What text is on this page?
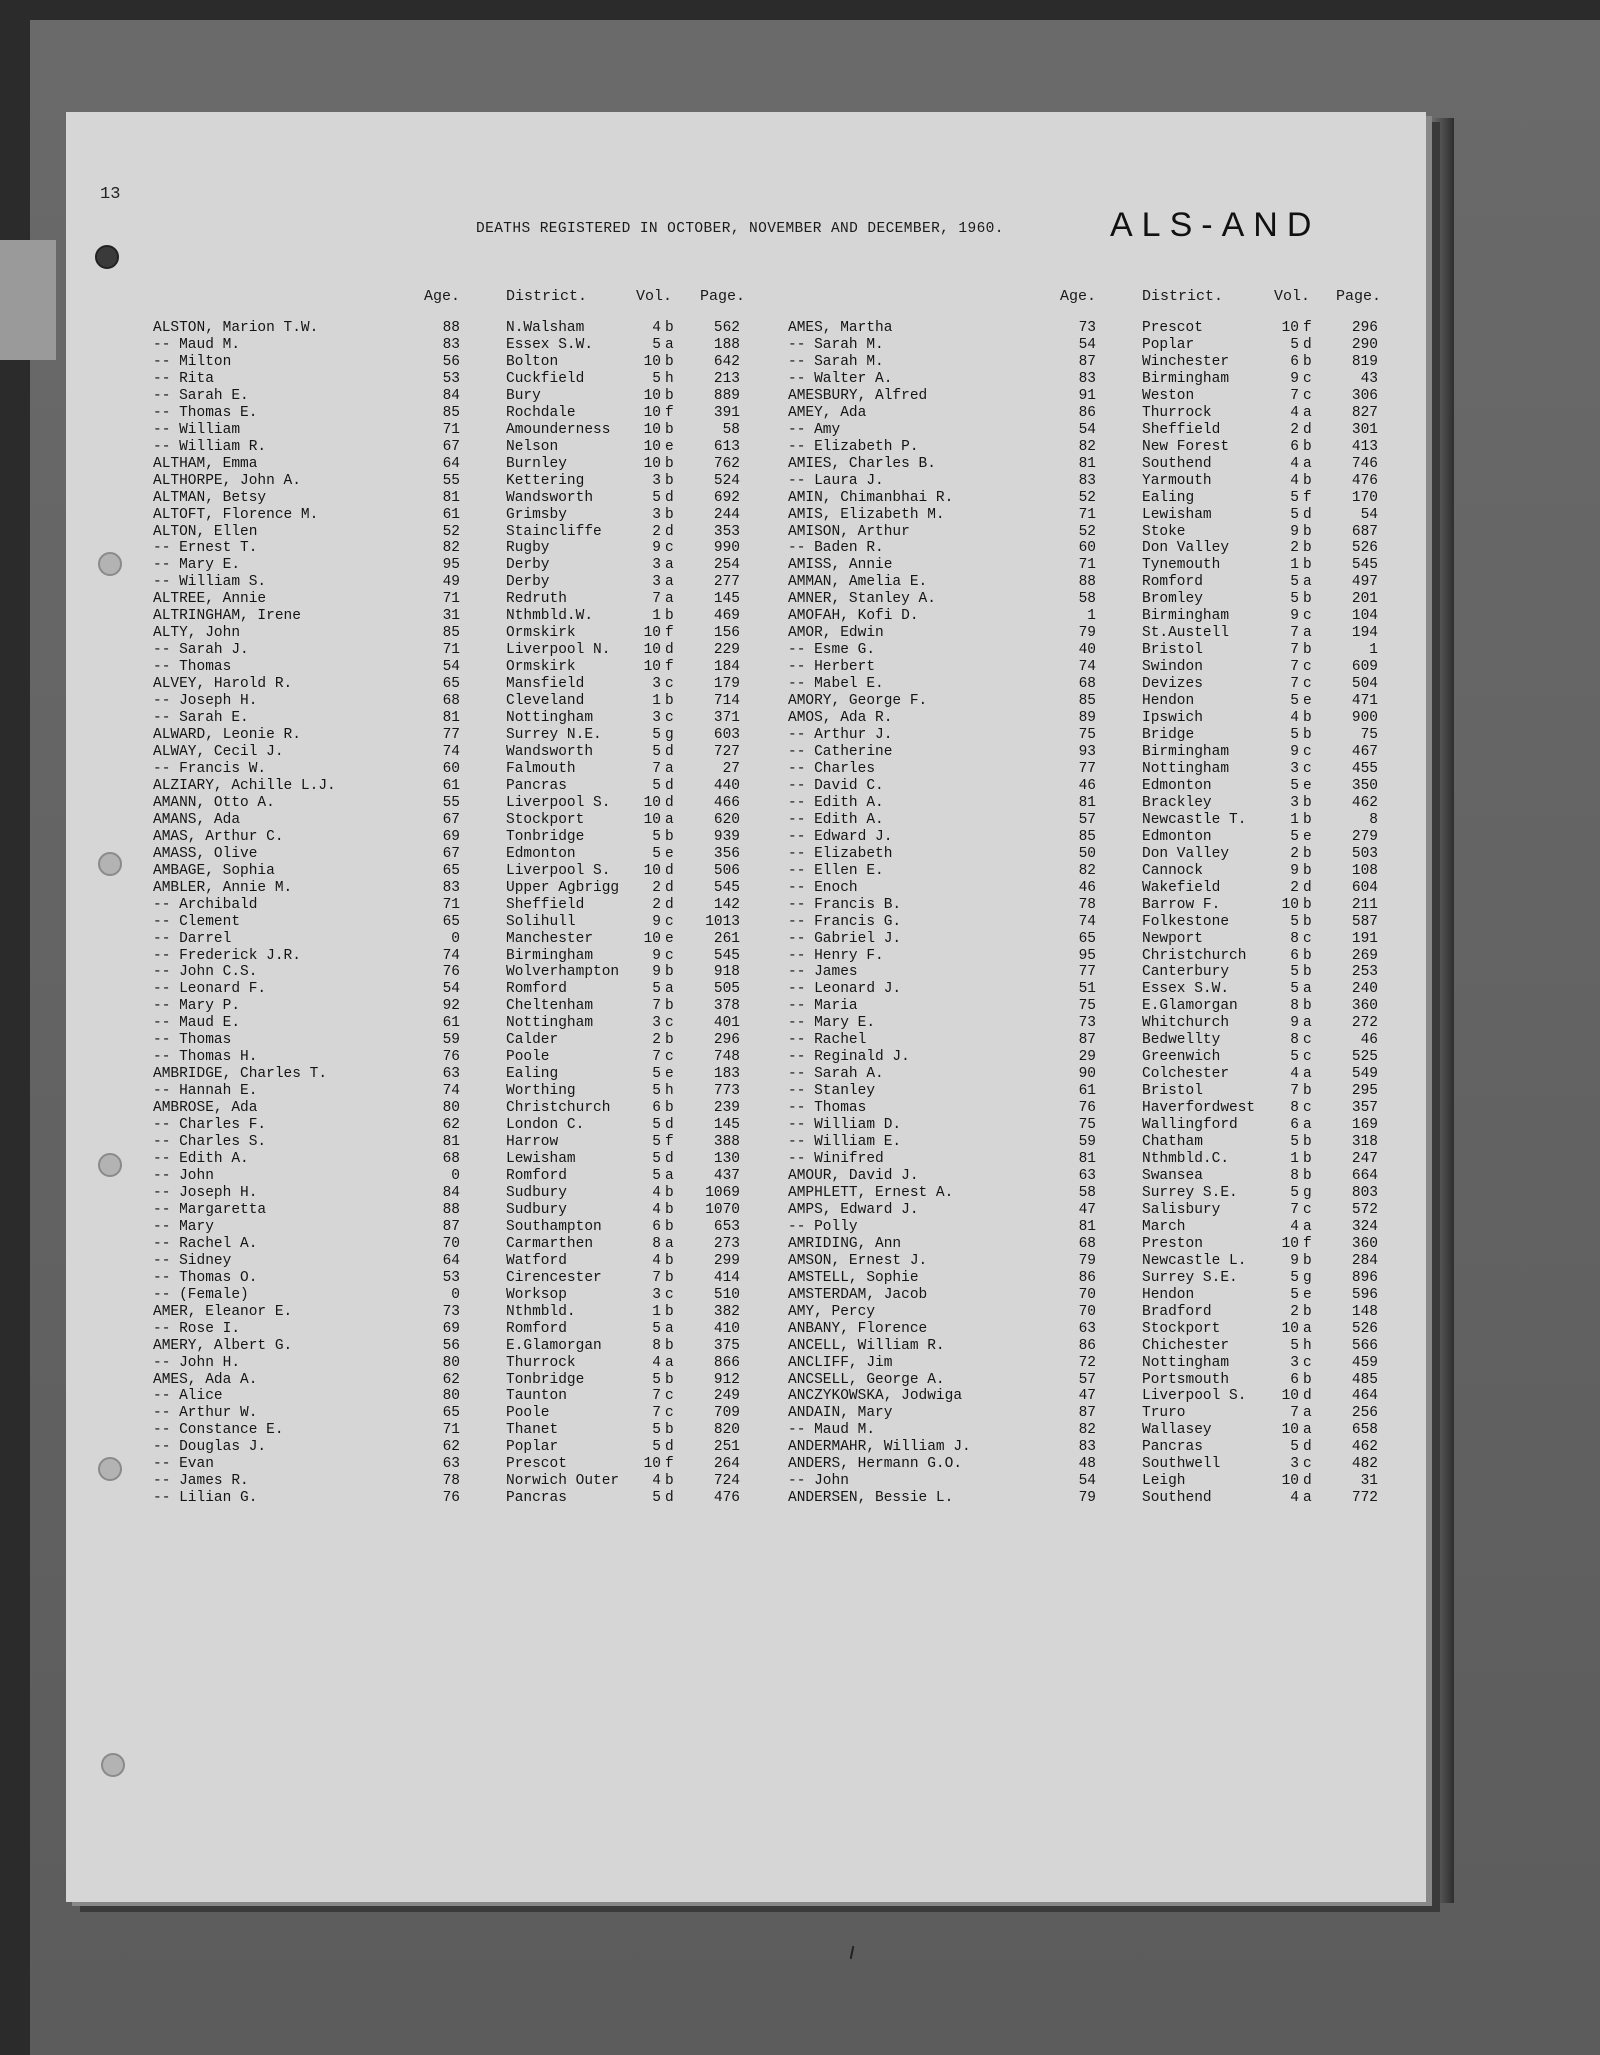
13
DEATHS REGISTERED IN OCTOBER, NOVEMBER AND DECEMBER, 1960.	ALS-AND
Age.	District.	Vol. Page.	Age.	District.	Vol. Page.
ALSTON, Marion T.W.	88	N.Walsham	4 b	562
-- Maud M.	83	Essex S.W.	5 a	188
-- Milton	56	Bolton	10 b	642
-- Rita	53	Cuckfield	5 h	213
-- Sarah E.	84	Bury	10 b	889
-- Thomas E.	85	Rochdale	10 f	391
-- William	71	Amounderness	10 b	58
-- William R.	67	Nelson	10 e	613
ALTHAM, Emma	64	Burnley	10 b	762
ALTHORPE, John A.	55	Kettering	3 b	524
ALTMAN, Betsy	81	Wandsworth	5 d	692
ALTOFT, Florence M.	61	Grimsby	3 b	244
ALTON, Ellen	52	Staincliffe	2 d	353
-- Ernest T.	82	Rugby	9 c	990
-- Mary E.	95	Derby	3 a	254
-- William S.	49	Derby	3 a	277
ALTREE, Annie	71	Redruth	7 a	145
ALTRINGHAM, Irene	31	Nthmbld.W.	1 b	469
ALTY, John	85	Ormskirk	10 f	156
-- Sarah J.	71	Liverpool N.	10 d	229
-- Thomas	54	Ormskirk	10 f	184
ALVEY, Harold R.	65	Mansfield	3 c	179
-- Joseph H.	68	Cleveland	1 b	714
-- Sarah E.	81	Nottingham	3 c	371
ALWARD, Leonie R.	77	Surrey N.E.	5 g	603
ALWAY, Cecil J.	74	Wandsworth	5 d	727
-- Francis W.	60	Falmouth	7 a	27
ALZIARY, Achille L.J.	61	Pancras	5 d	440
AMANN, Otto A.	55	Liverpool S.	10 d	466
AMANS, Ada	67	Stockport	10 a	620
AMAS, Arthur C.	69	Tonbridge	5 b	939
AMASS, Olive	67	Edmonton	5 e	356
AMBAGE, Sophia	65	Liverpool S.	10 d	506
AMBLER, Annie M.	83	Upper Agbrigg	2 d	545
-- Archibald	71	Sheffield	2 d	142
-- Clement	65	Solihull	9 c	1013
-- Darrel	0	Manchester	10 e	261
-- Frederick J.R.	74	Birmingham	9 c	545
-- John C.S.	76	Wolverhampton	9 b	918
-- Leonard F.	54	Romford	5 a	505
-- Mary P.	92	Cheltenham	7 b	378
-- Maud E.	61	Nottingham	3 c	401
-- Thomas	59	Calder	2 b	296
-- Thomas H.	76	Poole	7 c	748
AMBRIDGE, Charles T.	63	Ealing	5 e	183
-- Hannah E.	74	Worthing	5 h	773
AMBROSE, Ada	80	Christchurch	6 b	239
-- Charles F.	62	London C.	5 d	145
-- Charles S.	81	Harrow	5 f	388
-- Edith A.	68	Lewisham	5 d	130
-- John	0	Romford	5 a	437
-- Joseph H.	84	Sudbury	4 b	1069
-- Margaretta	88	Sudbury	4 b	1070
-- Mary	87	Southampton	6 b	653
-- Rachel A.	70	Carmarthen	8 a	273
-- Sidney	64	Watford	4 b	299
-- Thomas O.	53	Cirencester	7 b	414
-- (Female)	0	Worksop	3 c	510
AMER, Eleanor E.	73	Nthmbld.	1 b	382
-- Rose I.	69	Romford	5 a	410
AMERY, Albert G.	56	E.Glamorgan	8 b	375
-- John H.	80	Thurrock	4 a	866
AMES, Ada A.	62	Tonbridge	5 b	912
-- Alice	80	Taunton	7 c	249
-- Arthur W.	65	Poole	7 c	709
-- Constance E.	71	Thanet	5 b	820
-- Douglas J.	62	Poplar	5 d	251
-- Evan	63	Prescot	10 f	264
-- James R.	78	Norwich Outer	4 b	724
-- Lilian G.	76	Pancras	5 d	476
AMES, Martha	73	Prescot	10 f	296
-- Sarah M.	54	Poplar	5 d	290
-- Sarah M.	87	Winchester	6 b	819
-- Walter A.	83	Birmingham	9 c	43
AMESBURY, Alfred	91	Weston	7 c	306
AMEY, Ada	86	Thurrock	4 a	827
-- Amy	54	Sheffield	2 d	301
-- Elizabeth P.	82	New Forest	6 b	413
AMIES, Charles B.	81	Southend	4 a	746
-- Laura J.	83	Yarmouth	4 b	476
AMIN, Chimanbhai R.	52	Ealing	5 f	170
AMIS, Elizabeth M.	71	Lewisham	5 d	54
AMISON, Arthur	52	Stoke	9 b	687
-- Baden R.	60	Don Valley	2 b	526
AMISS, Annie	71	Tynemouth	1 b	545
AMMAN, Amelia E.	88	Romford	5 a	497
AMNER, Stanley A.	58	Bromley	5 b	201
AMOFAH, Kofi D.	1	Birmingham	9 c	104
AMOR, Edwin	79	St.Austell	7 a	194
-- Esme G.	40	Bristol	7 b	1
-- Herbert	74	Swindon	7 c	609
-- Mabel E.	68	Devizes	7 c	504
AMORY, George F.	85	Hendon	5 e	471
AMOS, Ada R.	89	Ipswich	4 b	900
-- Arthur J.	75	Bridge	5 b	75
-- Catherine	93	Birmingham	9 c	467
-- Charles	77	Nottingham	3 c	455
-- David C.	46	Edmonton	5 e	350
-- Edith A.	81	Brackley	3 b	462
-- Edith A.	57	Newcastle T.	1 b	8
-- Edward J.	85	Edmonton	5 e	279
-- Elizabeth	50	Don Valley	2 b	503
-- Ellen E.	82	Cannock	9 b	108
-- Enoch	46	Wakefield	2 d	604
-- Francis B.	78	Barrow F.	10 b	211
-- Francis G.	74	Folkestone	5 b	587
-- Gabriel J.	65	Newport	8 c	191
-- Henry F.	95	Christchurch	6 b	269
-- James	77	Canterbury	5 b	253
-- Leonard J.	51	Essex S.W.	5 a	240
-- Maria	75	E.Glamorgan	8 b	360
-- Mary E.	73	Whitchurch	9 a	272
-- Rachel	87	Bedwellty	8 c	46
-- Reginald J.	29	Greenwich	5 c	525
-- Sarah A.	90	Colchester	4 a	549
-- Stanley	61	Bristol	7 b	295
-- Thomas	76	Haverfordwest	8 c	357
-- William D.	75	Wallingford	6 a	169
-- William E.	59	Chatham	5 b	318
-- Winifred	81	Nthmbld.C.	1 b	247
AMOUR, David J.	63	Swansea	8 b	664
AMPHLETT, Ernest A.	58	Surrey S.E.	5 g	803
AMPS, Edward J.	47	Salisbury	7 c	572
-- Polly	81	March	4 a	324
AMRIDING, Ann	68	Preston	10 f	360
AMSON, Ernest J.	79	Newcastle L.	9 b	284
AMSTELL, Sophie	86	Surrey S.E.	5 g	896
AMSTERDAM, Jacob	70	Hendon	5 e	596
AMY, Percy	70	Bradford	2 b	148
ANBANY, Florence	63	Stockport	10 a	526
ANCELL, William R.	86	Chichester	5 h	566
ANCLIFF, Jim	72	Nottingham	3 c	459
ANCSELL, George A.	57	Portsmouth	6 b	485
ANCZYKOWSKA, Jodwiga	47	Liverpool S.	10 d	464
ANDAIN, Mary	87	Truro	7 a	256
-- Maud M.	82	Wallasey	10 a	658
ANDERMAHR, William J.	83	Pancras	5 d	462
ANDERS, Hermann G.O.	48	Southwell	3 c	482
-- John	54	Leigh	10 d	31
ANDERSEN, Bessie L.	79	Southend	4 a	772
